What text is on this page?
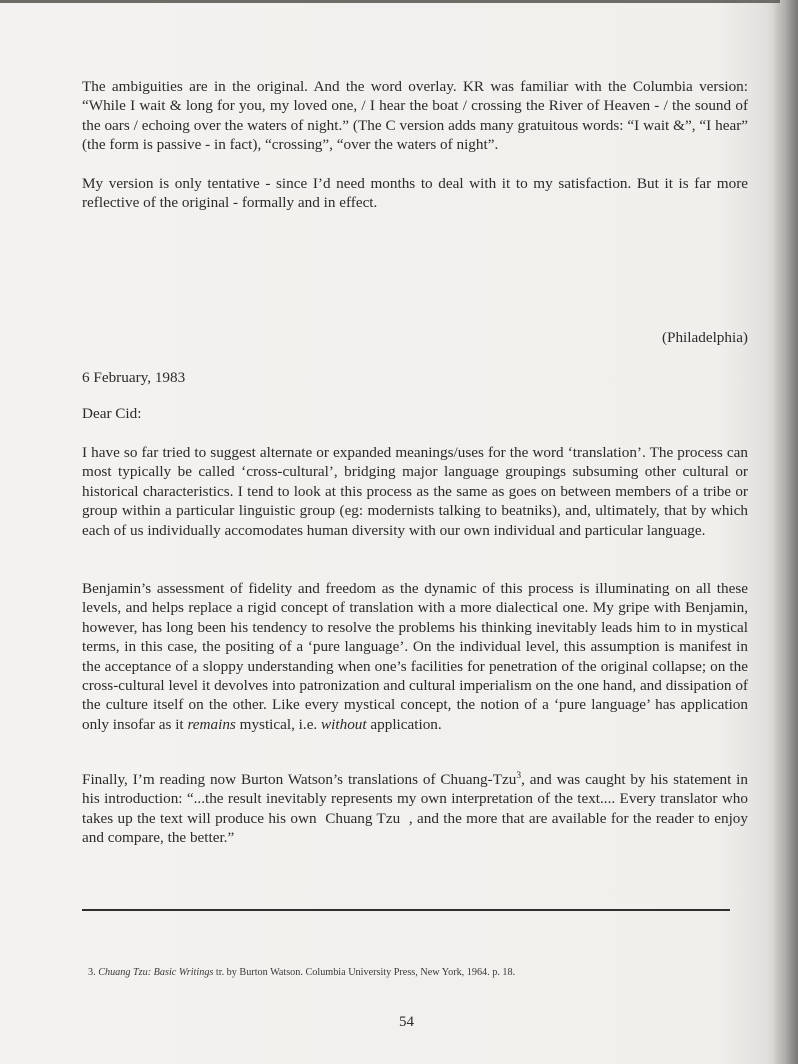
The ambiguities are in the original. And the word overlay. KR was familiar with the Columbia version: “While I wait & long for you, my loved one, / I hear the boat / crossing the River of Heaven - / the sound of the oars / echoing over the waters of night.” (The C version adds many gratuitous words: “I wait &”, “I hear” (the form is passive - in fact), “crossing”, “over the waters of night”.

My version is only tentative - since I’d need months to deal with it to my satisfaction. But it is far more reflective of the original - formally and in effect.

(Philadelphia)
6 February, 1983
Dear Cid:

I have so far tried to suggest alternate or expanded meanings/uses for the word ‘translation’. The process can most typically be called ‘cross-cultural’, bridging major language groupings subsuming other cultural or historical characteristics. I tend to look at this process as the same as goes on between members of a tribe or group within a particular linguistic group (eg: modernists talking to beatniks), and, ultimately, that by which each of us individually accomodates human diversity with our own individual and particular language.

Benjamin’s assessment of fidelity and freedom as the dynamic of this process is illuminating on all these levels, and helps replace a rigid concept of translation with a more dialectical one. My gripe with Benjamin, however, has long been his tendency to resolve the problems his thinking inevitably leads him to in mystical terms, in this case, the positing of a ‘pure language’. On the individual level, this assumption is manifest in the acceptance of a sloppy understanding when one’s facilities for penetration of the original collapse; on the cross-cultural level it devolves into patronization and cultural imperialism on the one hand, and dissipation of the culture itself on the other. Like every mystical concept, the notion of a ‘pure language’ has application only insofar as it remains mystical, i.e. without application.

Finally, I’m reading now Burton Watson’s translations of Chuang-Tzu$^3$, and was caught by his statement in his introduction: “...the result inevitably represents my own interpretation of the text.... Every translator who takes up the text will produce his own  Chuang Tzu  , and the more that are available for the reader to enjoy and compare, the better.”

3. Chuang Tzu: Basic Writings tr. by Burton Watson. Columbia University Press, New York, 1964. p. 18.
54
